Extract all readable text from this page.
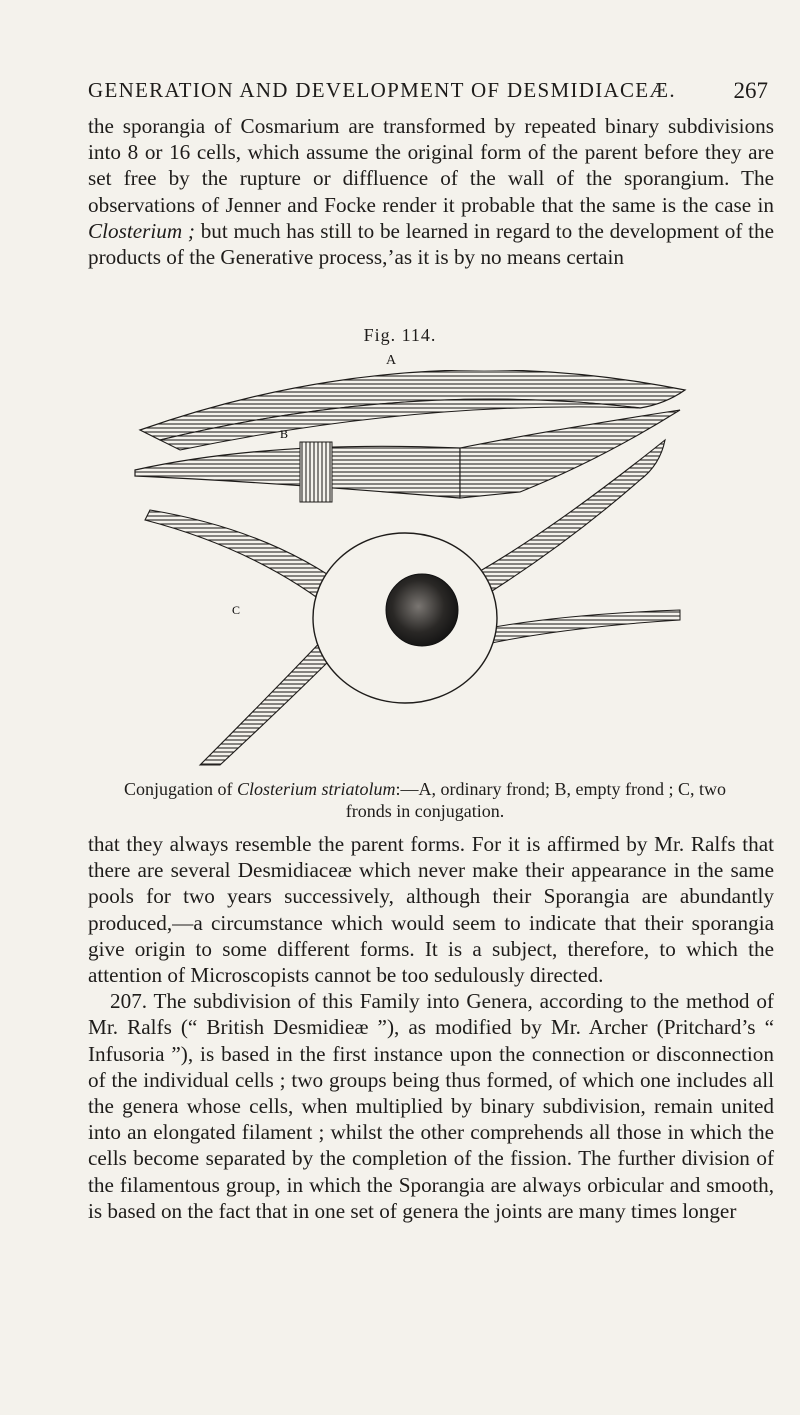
GENERATION AND DEVELOPMENT OF DESMIDIACEÆ.	267

the sporangia of Cosmarium are transformed by repeated binary subdivisions into 8 or 16 cells, which assume the original form of the parent before they are set free by the rupture or diffluence of the wall of the sporangium. The observations of Jenner and Focke render it probable that the same is the case in Closterium ; but much has still to be learned in regard to the development of the products of the Generative process,’as it is by no means certain

Fig. 114.
A
B
C
Conjugation of Closterium striatolum:—A, ordinary frond; B, empty frond ; C, two fronds in conjugation.

that they always resemble the parent forms. For it is affirmed by Mr. Ralfs that there are several Desmidiaceæ which never make their appearance in the same pools for two years successively, although their Sporangia are abundantly produced,—a circumstance which would seem to indicate that their sporangia give origin to some different forms. It is a subject, therefore, to which the attention of Microscopists cannot be too sedulously directed.

207. The subdivision of this Family into Genera, according to the method of Mr. Ralfs (“ British Desmidieæ ”), as modified by Mr. Archer (Pritchard’s “ Infusoria ”), is based in the first instance upon the connection or disconnection of the individual cells ; two groups being thus formed, of which one includes all the genera whose cells, when multiplied by binary subdivision, remain united into an elongated filament ; whilst the other comprehends all those in which the cells become separated by the completion of the fission. The further division of the filamentous group, in which the Sporangia are always orbicular and smooth, is based on the fact that in one set of genera the joints are many times longer
